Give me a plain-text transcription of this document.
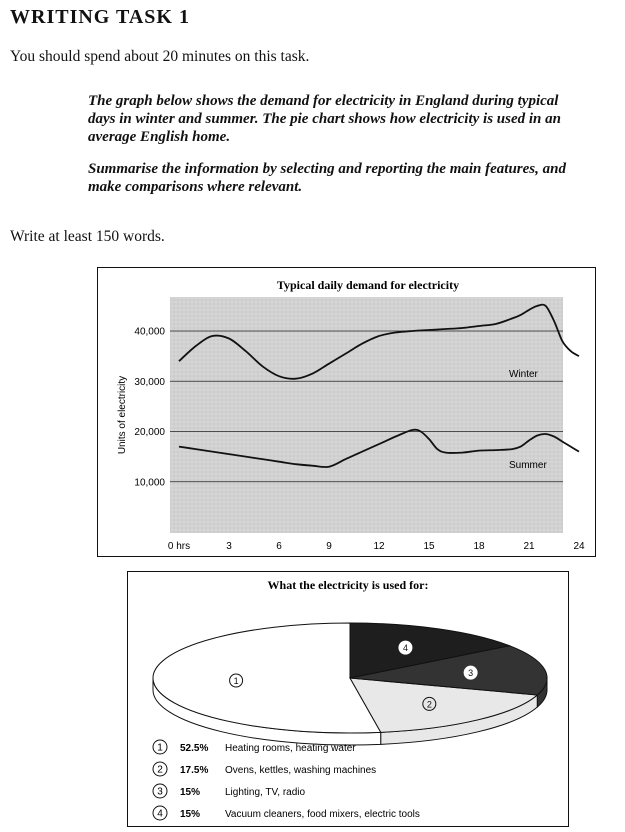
WRITING TASK 1
You should spend about 20 minutes on this task.

The graph below shows the demand for electricity in England during typical days in winter and summer. The pie chart shows how electricity is used in an average English home.

Summarise the information by selecting and reporting the main features, and make comparisons where relevant.

Write at least 150 words.
Typical daily demand for electricity
Units of electricity
10,000
20,000
30,000
40,000
0 hrs	3	6	9	12	15	18	21	24
Winter
Summer
What the electricity is used for:
1
2
3
4
1 52.5% Heating rooms, heating water
2 17.5% Ovens, kettles, washing machines
3 15% Lighting, TV, radio
4 15% Vacuum cleaners, food mixers, electric tools
